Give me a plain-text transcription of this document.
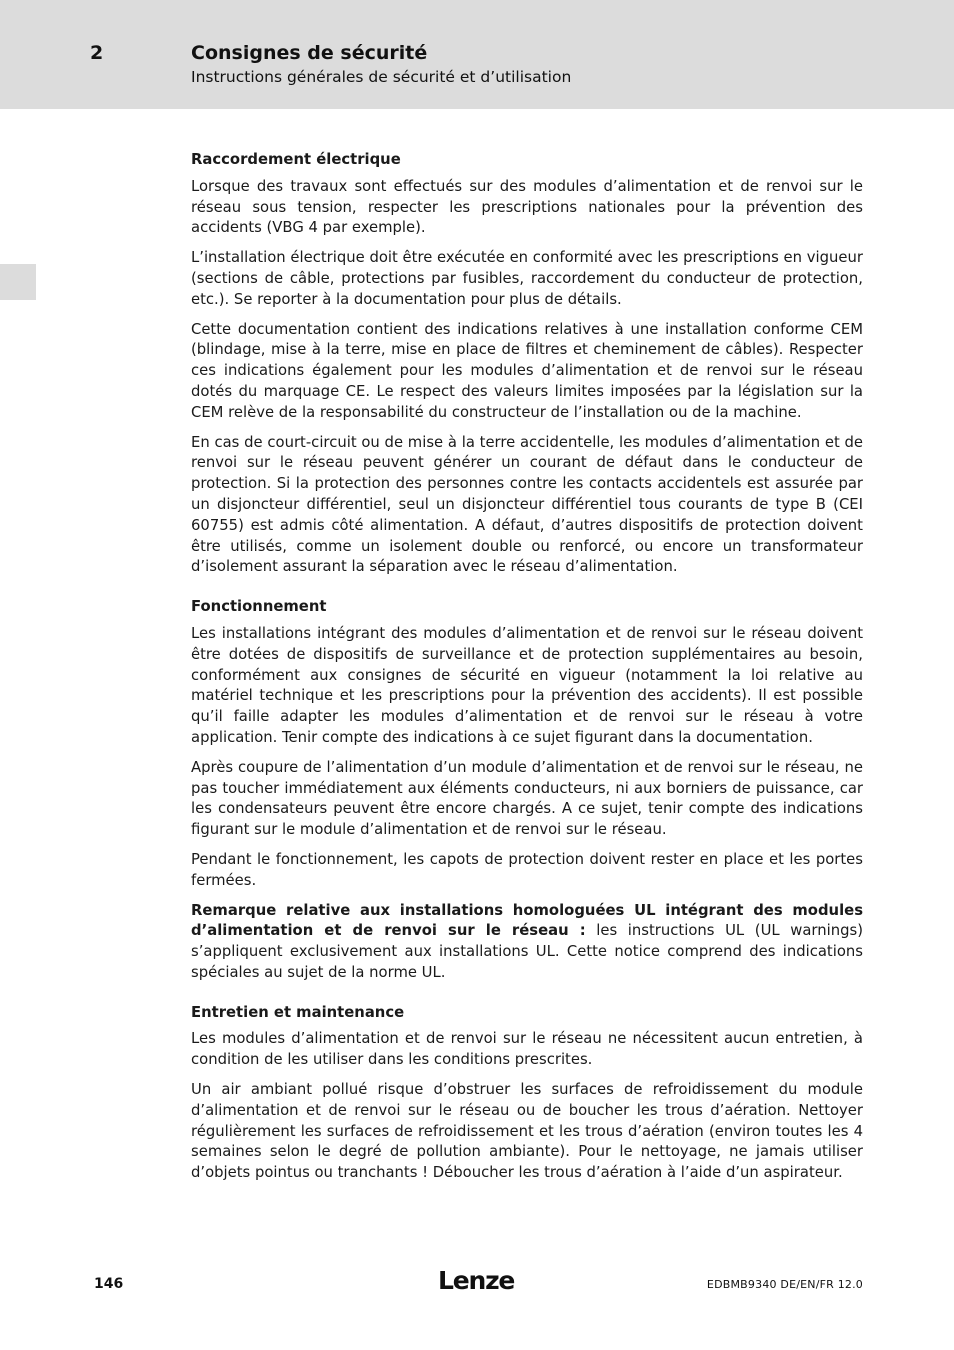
2	Consignes de sécurité
Instructions générales de sécurité et d’utilisation
Raccordement électrique

Lorsque des travaux sont effectués sur des modules d’alimentation et de renvoi sur le réseau sous tension, respecter les prescriptions nationales pour la prévention des accidents (VBG 4 par exemple).

L’installation électrique doit être exécutée en conformité avec les prescriptions en vigueur (sections de câble, protections par fusibles, raccordement du conducteur de protection, etc.). Se reporter à la documentation pour plus de détails.

Cette documentation contient des indications relatives à une installation conforme CEM (blindage, mise à la terre, mise en place de filtres et cheminement de câbles). Respecter ces indications également pour les modules d’alimentation et de renvoi sur le réseau dotés du marquage CE. Le respect des valeurs limites imposées par la législation sur la CEM relève de la responsabilité du constructeur de l’installation ou de la machine.

En cas de court-circuit ou de mise à la terre accidentelle, les modules d’alimentation et de renvoi sur le réseau peuvent générer un courant de défaut dans le conducteur de protection. Si la protection des personnes contre les contacts accidentels est assurée par un disjoncteur différentiel, seul un disjoncteur différentiel tous courants de type B (CEI 60755) est admis côté alimentation. A défaut, d’autres dispositifs de protection doivent être utilisés, comme un isolement double ou renforcé, ou encore un transformateur d’isolement assurant la séparation avec le réseau d’alimentation.

Fonctionnement

Les installations intégrant des modules d’alimentation et de renvoi sur le réseau doivent être dotées de dispositifs de surveillance et de protection supplémentaires au besoin, conformément aux consignes de sécurité en vigueur (notamment la loi relative au matériel technique et les prescriptions pour la prévention des accidents). Il est possible qu’il faille adapter les modules d’alimentation et de renvoi sur le réseau à votre application. Tenir compte des indications à ce sujet figurant dans la documentation.

Après coupure de l’alimentation d’un module d’alimentation et de renvoi sur le réseau, ne pas toucher immédiatement aux éléments conducteurs, ni aux borniers de puissance, car les condensateurs peuvent être encore chargés. A ce sujet, tenir compte des indications figurant sur le module d’alimentation et de renvoi sur le réseau.

Pendant le fonctionnement, les capots de protection doivent rester en place et les portes fermées.

Remarque relative aux installations homologuées UL intégrant des modules d’alimentation et de renvoi sur le réseau : les instructions UL (UL warnings) s’appliquent exclusivement aux installations UL. Cette notice comprend des indications spéciales au sujet de la norme UL.

Entretien et maintenance

Les modules d’alimentation et de renvoi sur le réseau ne nécessitent aucun entretien, à condition de les utiliser dans les conditions prescrites.

Un air ambiant pollué risque d’obstruer les surfaces de refroidissement du module d’alimentation et de renvoi sur le réseau ou de boucher les trous d’aération. Nettoyer régulièrement les surfaces de refroidissement et les trous d’aération (environ toutes les 4 semaines selon le degré de pollution ambiante). Pour le nettoyage, ne jamais utiliser d’objets pointus ou tranchants ! Déboucher les trous d’aération à l’aide d’un aspirateur.

146	Lenze	EDBMB9340 DE/EN/FR 12.0
